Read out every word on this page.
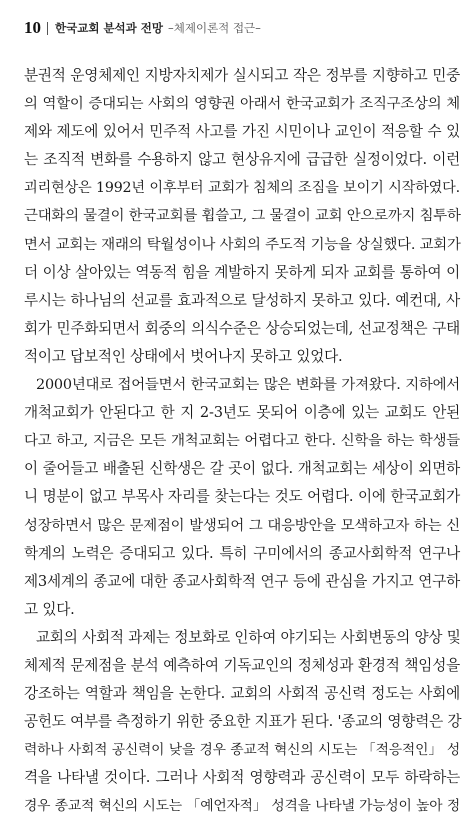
10 한국교회 분석과 전망 –체제이론적 접근–
분권적 운영체제인 지방자치제가 실시되고 작은 정부를 지향하고 민중
의 역할이 증대되는 사회의 영향권 아래서 한국교회가 조직구조상의 체
제와 제도에 있어서 민주적 사고를 가진 시민이나 교인이 적응할 수 있
는 조직적 변화를 수용하지 않고 현상유지에 급급한 실정이었다. 이런
괴리현상은 1992년 이후부터 교회가 침체의 조짐을 보이기 시작하였다.
근대화의 물결이 한국교회를 휩쓸고, 그 물결이 교회 안으로까지 침투하
면서 교회는 재래의 탁월성이나 사회의 주도적 기능을 상실했다. 교회가
더 이상 살아있는 역동적 힘을 계발하지 못하게 되자 교회를 통하여 이
루시는 하나님의 선교를 효과적으로 달성하지 못하고 있다. 예컨대, 사
회가 민주화되면서 회중의 의식수준은 상승되었는데, 선교정책은 구태
적이고 답보적인 상태에서 벗어나지 못하고 있었다.
2000년대로 접어들면서 한국교회는 많은 변화를 가져왔다. 지하에서
개척교회가 안된다고 한 지 2-3년도 못되어 이층에 있는 교회도 안된
다고 하고, 지금은 모든 개척교회는 어렵다고 한다. 신학을 하는 학생들
이 줄어들고 배출된 신학생은 갈 곳이 없다. 개척교회는 세상이 외면하
니 명분이 없고 부목사 자리를 찾는다는 것도 어렵다. 이에 한국교회가
성장하면서 많은 문제점이 발생되어 그 대응방안을 모색하고자 하는 신
학계의 노력은 증대되고 있다. 특히 구미에서의 종교사회학적 연구나
제3세계의 종교에 대한 종교사회학적 연구 등에 관심을 가지고 연구하
고 있다.
교회의 사회적 과제는 정보화로 인하여 야기되는 사회변동의 양상 및
체제적 문제점을 분석 예측하여 기독교인의 정체성과 환경적 책임성을
강조하는 역할과 책임을 논한다. 교회의 사회적 공신력 정도는 사회에
공헌도 여부를 측정하기 위한 중요한 지표가 된다. '종교의 영향력은 강
력하나 사회적 공신력이 낮을 경우 종교적 혁신의 시도는 「적응적인」 성
격을 나타낼 것이다. 그러나 사회적 영향력과 공신력이 모두 하락하는
경우 종교적 혁신의 시도는 「예언자적」 성격을 나타낼 가능성이 높아 정
